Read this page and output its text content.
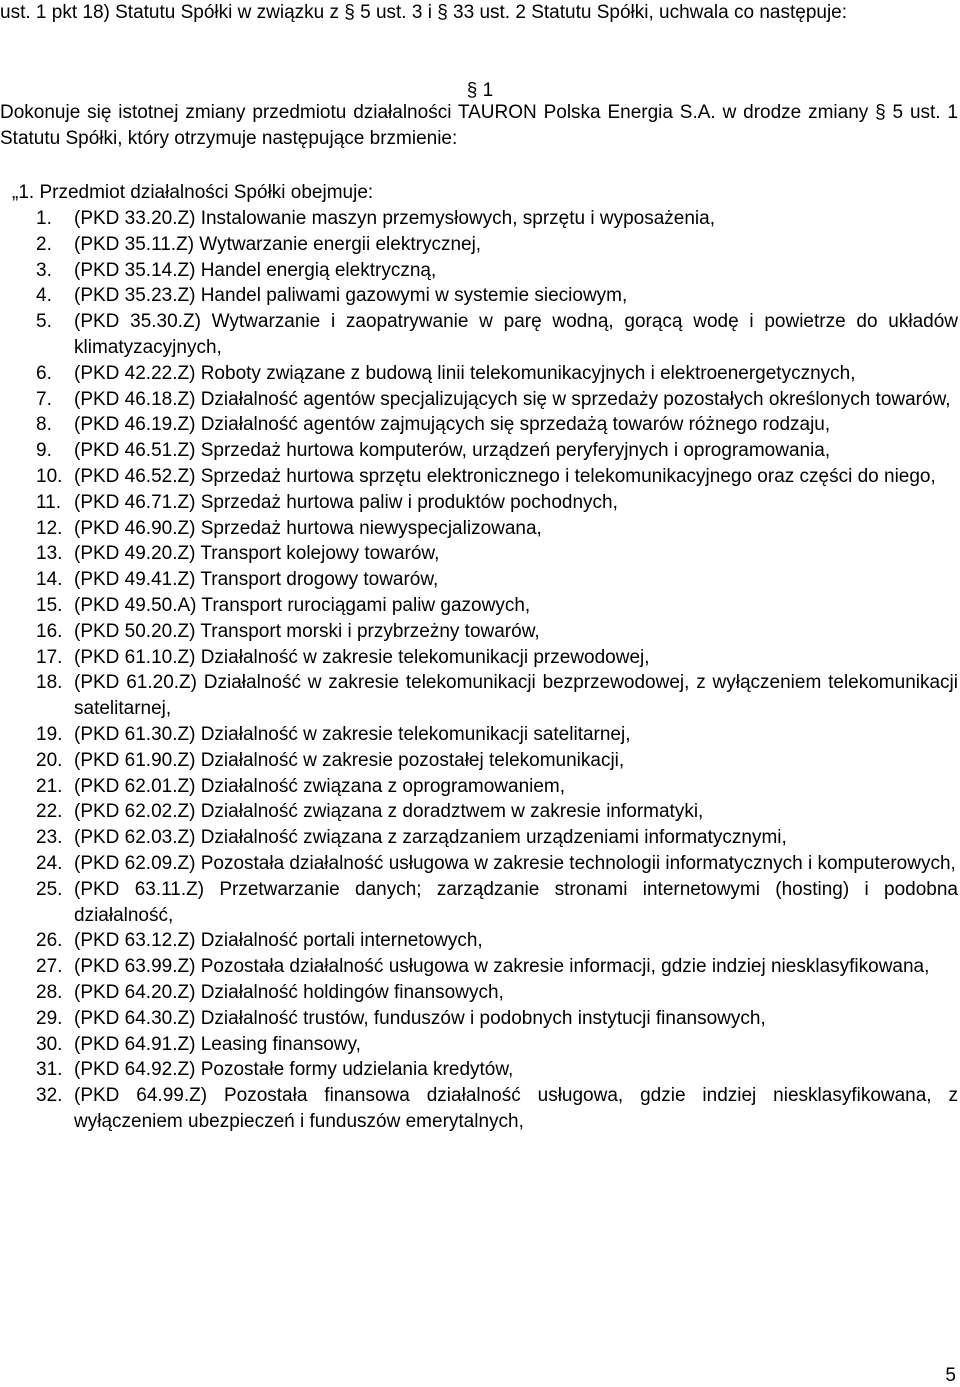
ust. 1 pkt 18) Statutu Spółki w związku z § 5 ust. 3 i § 33 ust. 2 Statutu Spółki, uchwala co następuje:
§ 1
Dokonuje się istotnej zmiany przedmiotu działalności TAURON Polska Energia S.A. w drodze zmiany § 5 ust. 1 Statutu Spółki, który otrzymuje następujące brzmienie:
„1. Przedmiot działalności Spółki obejmuje:
1.	(PKD 33.20.Z) Instalowanie maszyn przemysłowych, sprzętu i wyposażenia,
2.	(PKD 35.11.Z) Wytwarzanie energii elektrycznej,
3.	(PKD 35.14.Z) Handel energią elektryczną,
4.	(PKD 35.23.Z) Handel paliwami gazowymi w systemie sieciowym,
5.	(PKD 35.30.Z) Wytwarzanie i zaopatrywanie w parę wodną, gorącą wodę i powietrze do układów klimatyzacyjnych,
6.	(PKD 42.22.Z) Roboty związane z budową linii telekomunikacyjnych i elektroenergetycznych,
7.	(PKD 46.18.Z) Działalność agentów specjalizujących się w sprzedaży pozostałych określonych towarów,
8.	(PKD 46.19.Z) Działalność agentów zajmujących się sprzedażą towarów różnego rodzaju,
9.	(PKD 46.51.Z) Sprzedaż hurtowa komputerów, urządzeń peryferyjnych i oprogramowania,
10. (PKD 46.52.Z) Sprzedaż hurtowa sprzętu elektronicznego i telekomunikacyjnego oraz części do niego,
11. (PKD 46.71.Z) Sprzedaż hurtowa paliw i produktów pochodnych,
12. (PKD 46.90.Z) Sprzedaż hurtowa niewyspecjalizowana,
13. (PKD 49.20.Z) Transport kolejowy towarów,
14. (PKD 49.41.Z) Transport drogowy towarów,
15. (PKD 49.50.A) Transport rurociągami paliw gazowych,
16. (PKD 50.20.Z) Transport morski i przybrzeżny towarów,
17. (PKD 61.10.Z) Działalność w zakresie telekomunikacji przewodowej,
18. (PKD 61.20.Z) Działalność w zakresie telekomunikacji bezprzewodowej, z wyłączeniem telekomunikacji satelitarnej,
19. (PKD 61.30.Z) Działalność w zakresie telekomunikacji satelitarnej,
20. (PKD 61.90.Z) Działalność w zakresie pozostałej telekomunikacji,
21. (PKD 62.01.Z) Działalność związana z oprogramowaniem,
22. (PKD 62.02.Z) Działalność związana z doradztwem w zakresie informatyki,
23. (PKD 62.03.Z) Działalność związana z zarządzaniem urządzeniami informatycznymi,
24. (PKD 62.09.Z) Pozostała działalność usługowa w zakresie technologii informatycznych i komputerowych,
25. (PKD 63.11.Z) Przetwarzanie danych; zarządzanie stronami internetowymi (hosting) i podobna działalność,
26. (PKD 63.12.Z) Działalność portali internetowych,
27. (PKD 63.99.Z) Pozostała działalność usługowa w zakresie informacji, gdzie indziej niesklasyfikowana,
28. (PKD 64.20.Z) Działalność holdingów finansowych,
29. (PKD 64.30.Z) Działalność trustów, funduszów i podobnych instytucji finansowych,
30. (PKD 64.91.Z) Leasing finansowy,
31. (PKD 64.92.Z) Pozostałe formy udzielania kredytów,
32. (PKD 64.99.Z) Pozostała finansowa działalność usługowa, gdzie indziej niesklasyfikowana, z wyłączeniem ubezpieczeń i funduszów emerytalnych,
5
